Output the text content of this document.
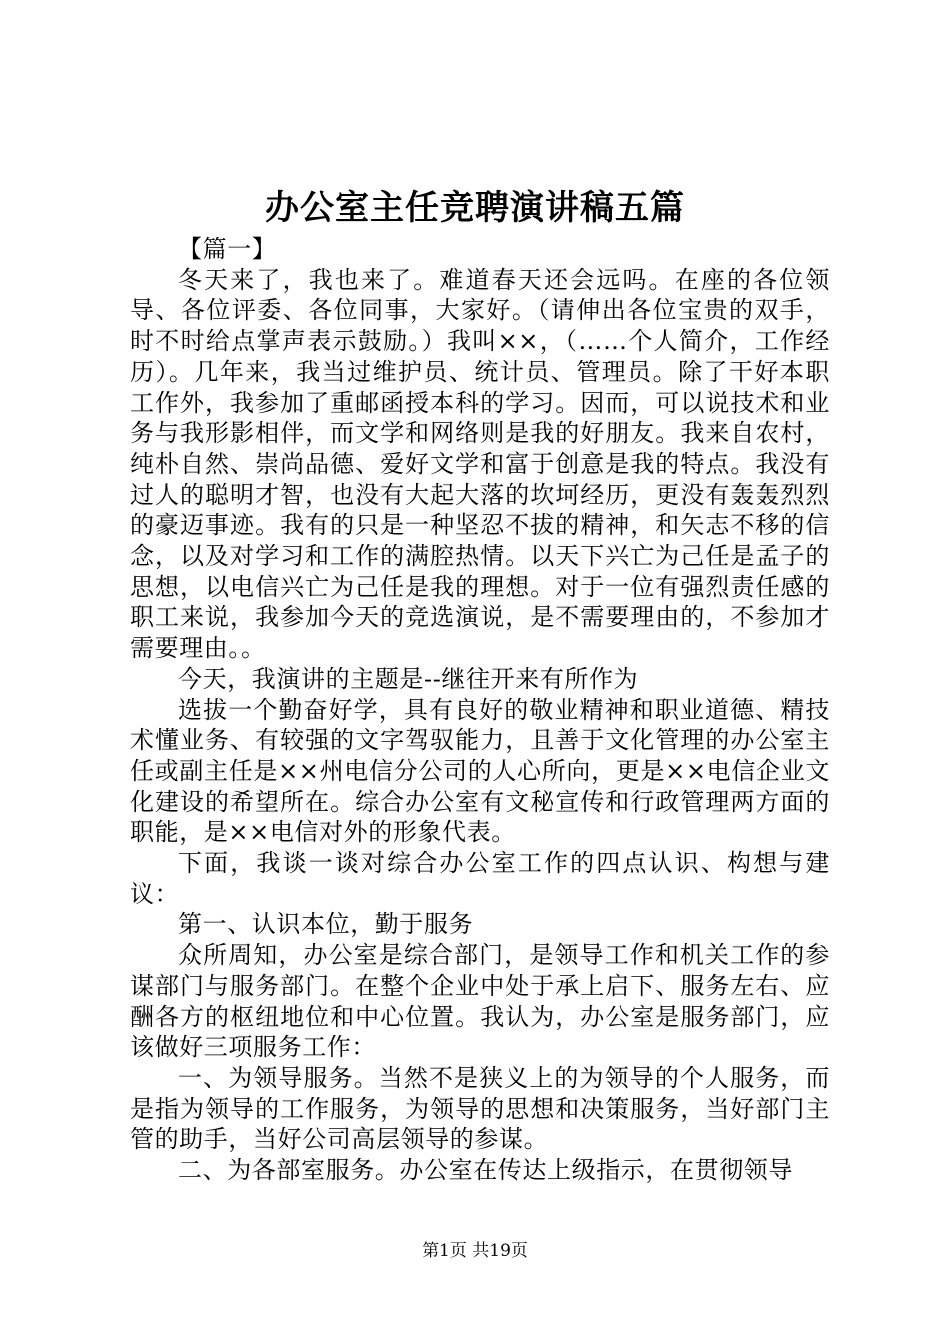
办公室主任竞聘演讲稿五篇

【篇一】

冬天来了，我也来了。难道春天还会远吗。在座的各位领导、各位评委、各位同事，大家好。（请伸出各位宝贵的双手，时不时给点掌声表示鼓励。）我叫××，（……个人简介，工作经历）。几年来，我当过维护员、统计员、管理员。除了干好本职工作外，我参加了重邮函授本科的学习。因而，可以说技术和业务与我形影相伴，而文学和网络则是我的好朋友。我来自农村，纯朴自然、崇尚品德、爱好文学和富于创意是我的特点。我没有过人的聪明才智，也没有大起大落的坎坷经历，更没有轰轰烈烈的豪迈事迹。我有的只是一种坚忍不拔的精神，和矢志不移的信念，以及对学习和工作的满腔热情。以天下兴亡为己任是孟子的思想，以电信兴亡为己任是我的理想。对于一位有强烈责任感的职工来说，我参加今天的竞选演说，是不需要理由的，不参加才需要理由。。

今天，我演讲的主题是--继往开来有所作为

选拔一个勤奋好学，具有良好的敬业精神和职业道德、精技术懂业务、有较强的文字驾驭能力，且善于文化管理的办公室主任或副主任是××州电信分公司的人心所向，更是××电信企业文化建设的希望所在。综合办公室有文秘宣传和行政管理两方面的职能，是××电信对外的形象代表。

下面，我谈一谈对综合办公室工作的四点认识、构想与建议：

第一、认识本位，勤于服务

众所周知，办公室是综合部门，是领导工作和机关工作的参谋部门与服务部门。在整个企业中处于承上启下、服务左右、应酬各方的枢纽地位和中心位置。我认为，办公室是服务部门，应该做好三项服务工作：

一、为领导服务。当然不是狭义上的为领导的个人服务，而是指为领导的工作服务，为领导的思想和决策服务，当好部门主管的助手，当好公司高层领导的参谋。

二、为各部室服务。办公室在传达上级指示，在贯彻领导

第1页 共19页
